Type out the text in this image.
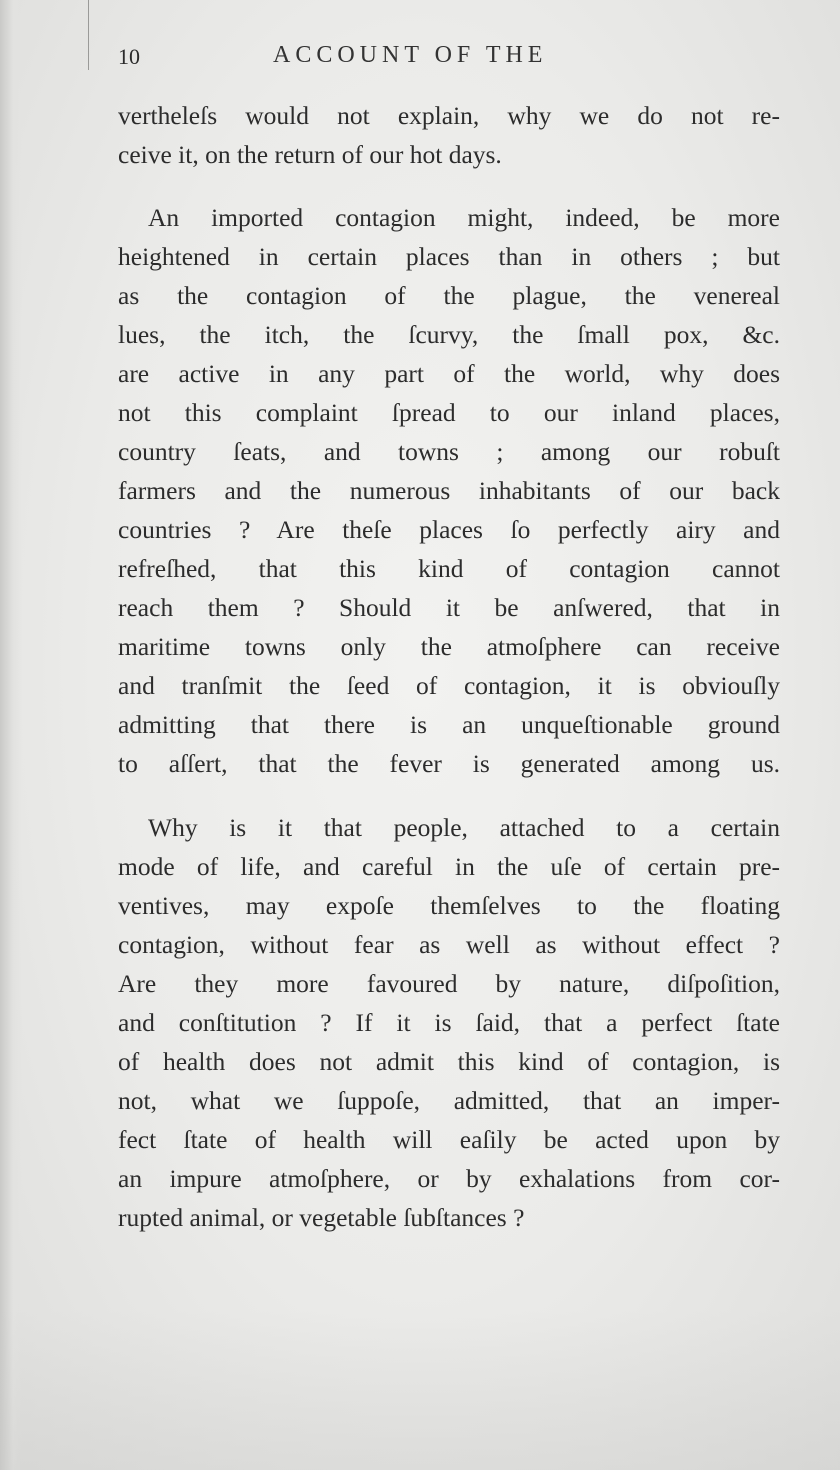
10	ACCOUNT OF THE
vertheleſs would not explain, why we do not re-
ceive it, on the return of our hot days.
An imported contagion might, indeed, be more
heightened in certain places than in others ; but
as the contagion of the plague, the venereal
lues, the itch, the ſcurvy, the ſmall pox, &c.
are active in any part of the world, why does
not this complaint ſpread to our inland places,
country ſeats, and towns ; among our robuſt
farmers and the numerous inhabitants of our back
countries ? Are theſe places ſo perfectly airy and
refreſhed, that this kind of contagion cannot
reach them ? Should it be anſwered, that in
maritime towns only the atmoſphere can receive
and tranſmit the ſeed of contagion, it is obviouſly
admitting that there is an unqueſtionable ground
to aſſert, that the fever is generated among us.
Why is it that people, attached to a certain
mode of life, and careful in the uſe of certain pre-
ventives, may expoſe themſelves to the floating
contagion, without fear as well as without effect ?
Are they more favoured by nature, diſpoſition,
and conſtitution ? If it is ſaid, that a perfect ſtate
of health does not admit this kind of contagion, is
not, what we ſuppoſe, admitted, that an imper-
fect ſtate of health will eaſily be acted upon by
an impure atmoſphere, or by exhalations from cor-
rupted animal, or vegetable ſubſtances ?
